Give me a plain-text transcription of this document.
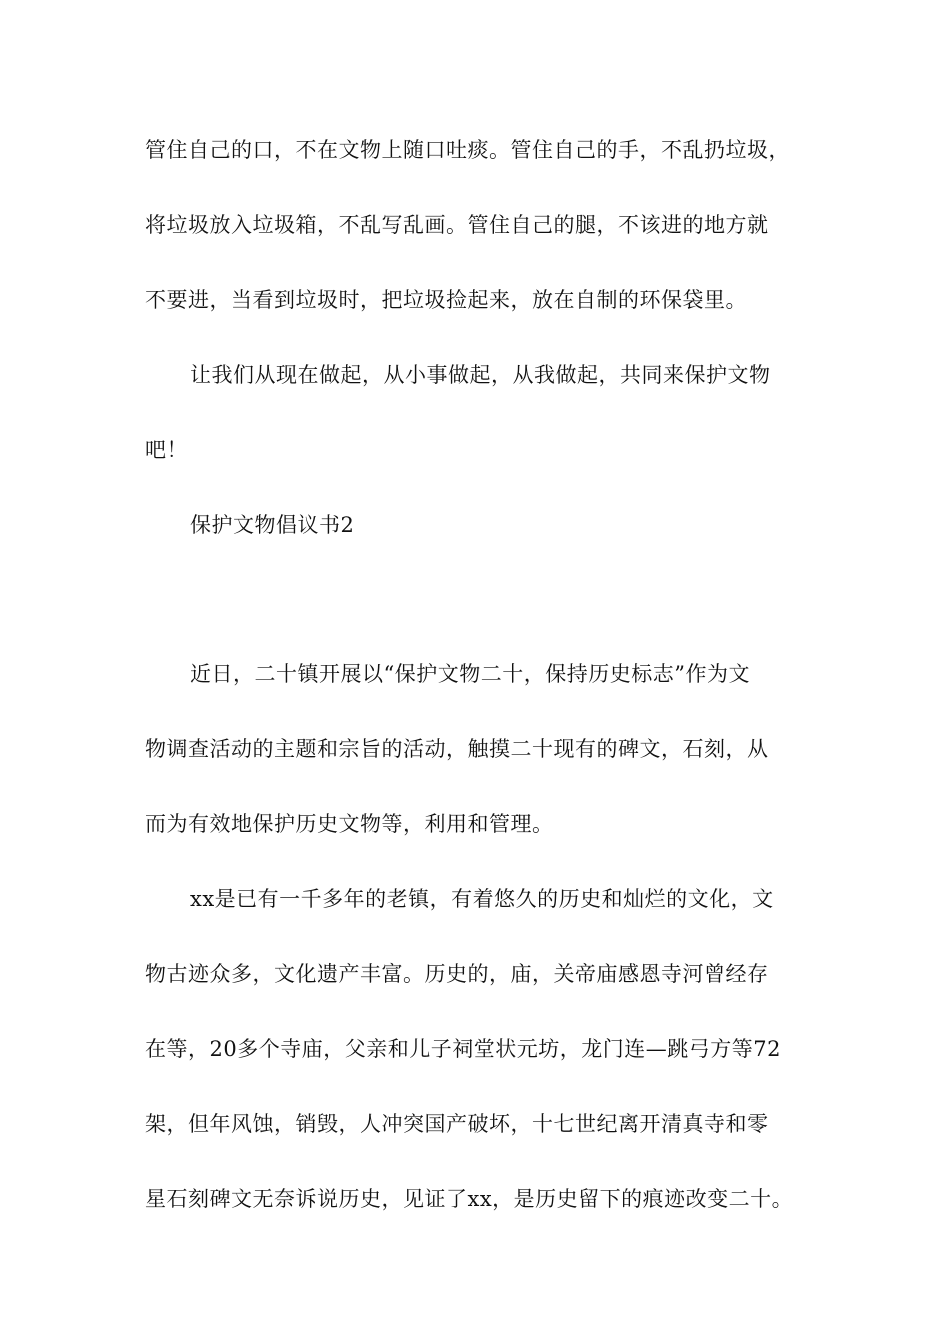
管住自己的口，不在文物上随口吐痰。管住自己的手，不乱扔垃圾，
将垃圾放入垃圾箱，不乱写乱画。管住自己的腿，不该进的地方就
不要进，当看到垃圾时，把垃圾捡起来，放在自制的环保袋里。
让我们从现在做起，从小事做起，从我做起，共同来保护文物
吧！
保护文物倡议书2
近日，二十镇开展以“保护文物二十，保持历史标志”作为文
物调查活动的主题和宗旨的活动，触摸二十现有的碑文，石刻，从
而为有效地保护历史文物等，利用和管理。
xx是已有一千多年的老镇，有着悠久的历史和灿烂的文化，文
物古迹众多，文化遗产丰富。历史的，庙，关帝庙感恩寺河曾经存
在等，20多个寺庙，父亲和儿子祠堂状元坊，龙门连—跳弓方等72
架，但年风蚀，销毁，人冲突国产破坏，十七世纪离开清真寺和零
星石刻碑文无奈诉说历史，见证了xx，是历史留下的痕迹改变二十。
